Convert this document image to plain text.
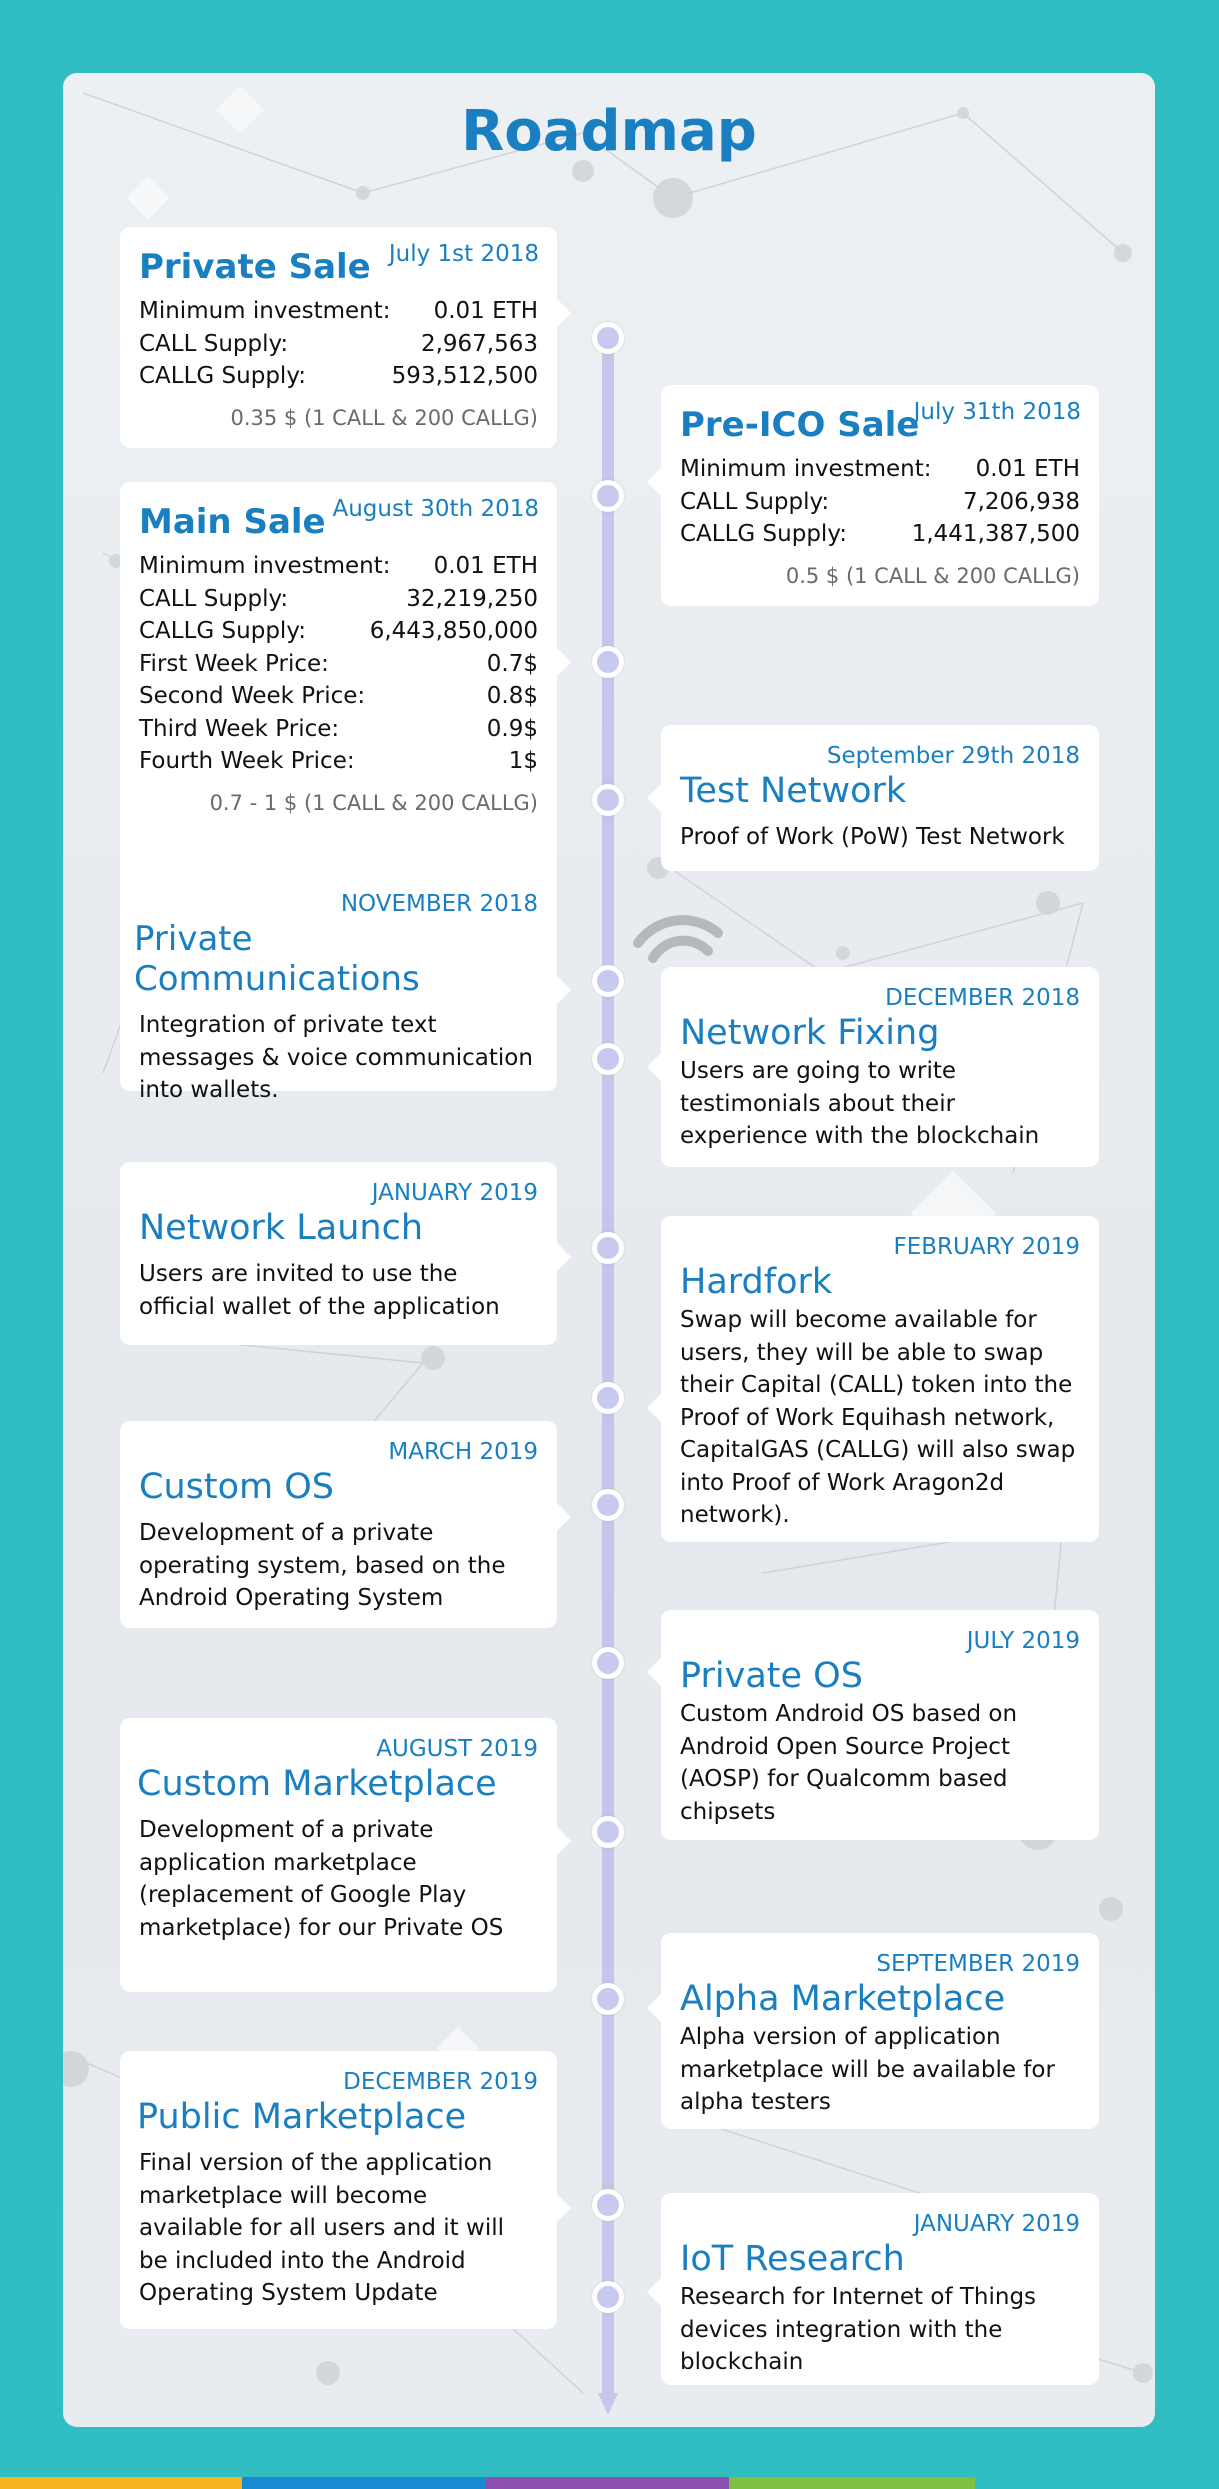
Roadmap
July 1st 2018
Private Sale
Minimum investment: 0.01 ETH
CALL Supply:	2,967,563
CALLG Supply:	593,512,500
0.35 $ (1 CALL & 200 CALLG)	July 31th 2018
Pre-ICO Sale
Minimum investment: 0.01 ETH
CALL Supply:	7,206,938
CALLG Supply:	1,441,387,500
0.5 $ (1 CALL & 200 CALLG)
August 30th 2018
Main Sale
Minimum investment: 0.01 ETH
CALL Supply:	32,219,250
CALLG Supply:	6,443,850,000
First Week Price:	0.7$
Second Week Price:	0.8$
Third Week Price:	0.9$
Fourth Week Price:	1$
0.7 - 1 $ (1 CALL & 200 CALLG)
September 29th 2018
Test Network
Proof of Work (PoW) Test Network
NOVEMBER 2018
Private Communications
Integration of private text messages & voice communication into wallets.
DECEMBER 2018
Network Fixing
Users are going to write testimonials about their experience with the blockchain
JANUARY 2019
Network Launch
Users are invited to use the official wallet of the application
FEBRUARY 2019
Hardfork
Swap will become available for users, they will be able to swap their Capital (CALL) token into the Proof of Work Equihash network, CapitalGAS (CALLG) will also swap into Proof of Work Aragon2d network).
MARCH 2019
Custom OS
Development of a private operating system, based on the Android Operating System
JULY 2019
Private OS
Custom Android OS based on Android Open Source Project (AOSP) for Qualcomm based chipsets
AUGUST 2019
Custom Marketplace
Development of a private application marketplace (replacement of Google Play marketplace) for our Private OS
SEPTEMBER 2019
Alpha Marketplace
Alpha version of application marketplace will be available for alpha testers
DECEMBER 2019
Public Marketplace
Final version of the application marketplace will become available for all users and it will be included into the Android Operating System Update
JANUARY 2019
IoT Research
Research for Internet of Things devices integration with the blockchain
